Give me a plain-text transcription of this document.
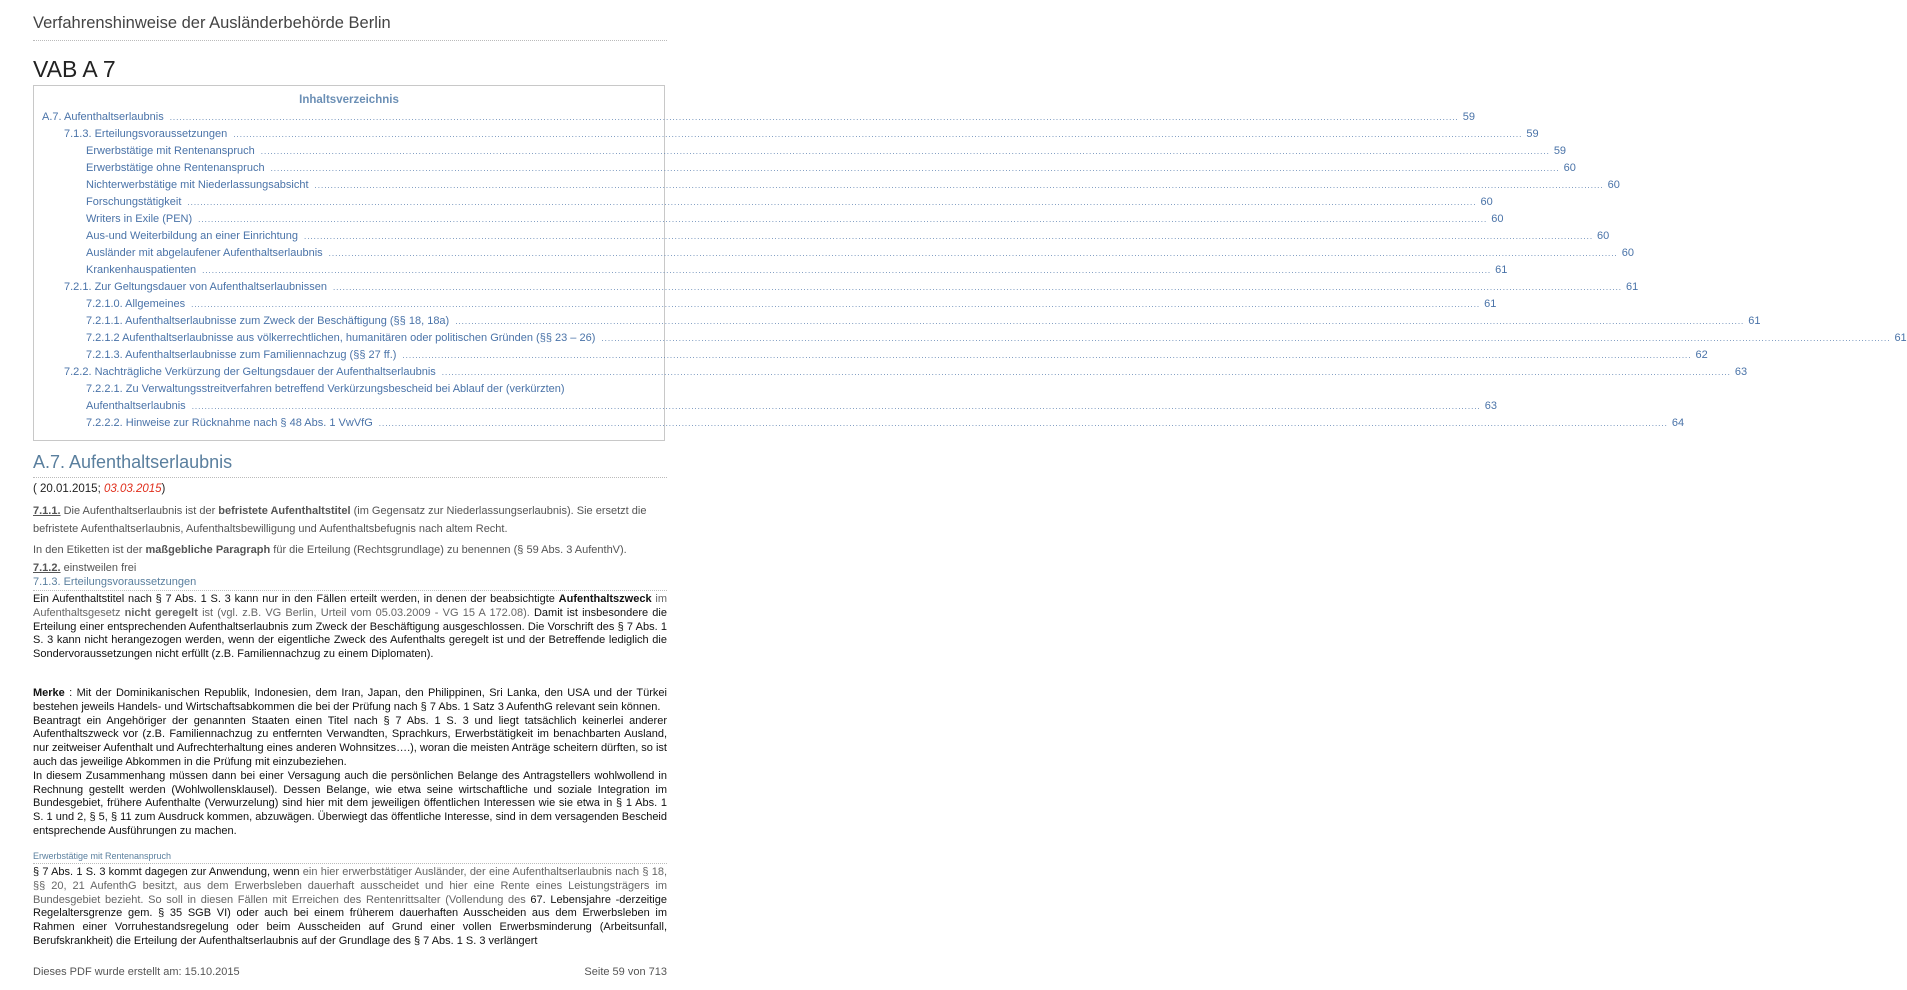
Verfahrenshinweise der Ausländerbehörde Berlin
VAB A 7
Inhaltsverzeichnis
A.7. Aufenthaltserlaubnis ................................................................................................................................................................................................................................................................................................................................................................................................................ 59
7.1.3. Erteilungsvoraussetzungen ................................................................................................................................................................................................................................................................................................................................................................................................................ 59
Erwerbstätige mit Rentenanspruch ................................................................................................................................................................................................................................................................................................................................................................................................................ 59
Erwerbstätige ohne Rentenanspruch ................................................................................................................................................................................................................................................................................................................................................................................................................ 60
Nichterwerbstätige mit Niederlassungsabsicht ................................................................................................................................................................................................................................................................................................................................................................................................................ 60
Forschungstätigkeit ................................................................................................................................................................................................................................................................................................................................................................................................................ 60
Writers in Exile (PEN) ................................................................................................................................................................................................................................................................................................................................................................................................................ 60
Aus-und Weiterbildung an einer Einrichtung ................................................................................................................................................................................................................................................................................................................................................................................................................ 60
Ausländer mit abgelaufener Aufenthaltserlaubnis ................................................................................................................................................................................................................................................................................................................................................................................................................ 60
Krankenhauspatienten ................................................................................................................................................................................................................................................................................................................................................................................................................ 61
7.2.1. Zur Geltungsdauer von Aufenthaltserlaubnissen ................................................................................................................................................................................................................................................................................................................................................................................................................ 61
7.2.1.0. Allgemeines ................................................................................................................................................................................................................................................................................................................................................................................................................ 61
7.2.1.1. Aufenthaltserlaubnisse zum Zweck der Beschäftigung (§§ 18, 18a) ................................................................................................................................................................................................................................................................................................................................................................................................................ 61
7.2.1.2 Aufenthaltserlaubnisse aus völkerrechtlichen, humanitären oder politischen Gründen (§§ 23 – 26) ................................................................................................................................................................................................................................................................................................................................................................................................................ 61
7.2.1.3. Aufenthaltserlaubnisse zum Familiennachzug (§§ 27 ff.) ................................................................................................................................................................................................................................................................................................................................................................................................................ 62
7.2.2. Nachträgliche Verkürzung der Geltungsdauer der Aufenthaltserlaubnis ................................................................................................................................................................................................................................................................................................................................................................................................................ 63
7.2.2.1. Zu Verwaltungsstreitverfahren betreffend Verkürzungsbescheid bei Ablauf der (verkürzten)
Aufenthaltserlaubnis ................................................................................................................................................................................................................................................................................................................................................................................................................ 63
7.2.2.2. Hinweise zur Rücknahme nach § 48 Abs. 1 VwVfG ................................................................................................................................................................................................................................................................................................................................................................................................................ 64
A.7. Aufenthaltserlaubnis
( 20.01.2015; 03.03.2015)
7.1.1. Die Aufenthaltserlaubnis ist der befristete Aufenthaltstitel (im Gegensatz zur Niederlassungserlaubnis). Sie ersetzt die befristete Aufenthaltserlaubnis, Aufenthaltsbewilligung und Aufenthaltsbefugnis nach altem Recht.
In den Etiketten ist der maßgebliche Paragraph für die Erteilung (Rechtsgrundlage) zu benennen (§ 59 Abs. 3 AufenthV).
7.1.2. einstweilen frei
7.1.3. Erteilungsvoraussetzungen
Ein Aufenthaltstitel nach § 7 Abs. 1 S. 3 kann nur in den Fällen erteilt werden, in denen der beabsichtigte Aufenthaltszweck im Aufenthaltsgesetz nicht geregelt ist (vgl. z.B. VG Berlin, Urteil vom 05.03.2009 - VG 15 A 172.08). Damit ist insbesondere die Erteilung einer entsprechenden Aufenthaltserlaubnis zum Zweck der Beschäftigung ausgeschlossen. Die Vorschrift des § 7 Abs. 1 S. 3 kann nicht herangezogen werden, wenn der eigentliche Zweck des Aufenthalts geregelt ist und der Betreffende lediglich die Sondervoraussetzungen nicht erfüllt (z.B. Familiennachzug zu einem Diplomaten).
Merke : Mit der Dominikanischen Republik, Indonesien, dem Iran, Japan, den Philippinen, Sri Lanka, den USA und der Türkei bestehen jeweils Handels- und Wirtschaftsabkommen die bei der Prüfung nach § 7 Abs. 1 Satz 3 AufenthG relevant sein können.
Beantragt ein Angehöriger der genannten Staaten einen Titel nach § 7 Abs. 1 S. 3 und liegt tatsächlich keinerlei anderer Aufenthaltszweck vor (z.B. Familiennachzug zu entfernten Verwandten, Sprachkurs, Erwerbstätigkeit im benachbarten Ausland, nur zeitweiser Aufenthalt und Aufrechterhaltung eines anderen Wohnsitzes….), woran die meisten Anträge scheitern dürften, so ist auch das jeweilige Abkommen in die Prüfung mit einzubeziehen.
In diesem Zusammenhang müssen dann bei einer Versagung auch die persönlichen Belange des Antragstellers wohlwollend in Rechnung gestellt werden (Wohlwollensklausel). Dessen Belange, wie etwa seine wirtschaftliche und soziale Integration im Bundesgebiet, frühere Aufenthalte (Verwurzelung) sind hier mit dem jeweiligen öffentlichen Interessen wie sie etwa in § 1 Abs. 1 S. 1 und 2, § 5, § 11 zum Ausdruck kommen, abzuwägen. Überwiegt das öffentliche Interesse, sind in dem versagenden Bescheid entsprechende Ausführungen zu machen.
Erwerbstätige mit Rentenanspruch
§ 7 Abs. 1 S. 3 kommt dagegen zur Anwendung, wenn ein hier erwerbstätiger Ausländer, der eine Aufenthaltserlaubnis nach § 18, §§ 20, 21 AufenthG besitzt, aus dem Erwerbsleben dauerhaft ausscheidet und hier eine Rente eines Leistungsträgers im Bundesgebiet bezieht. So soll in diesen Fällen mit Erreichen des Rentenrittsalter (Vollendung des 67. Lebensjahre -derzeitige Regelaltersgrenze gem. § 35 SGB VI) oder auch bei einem früherem dauerhaften Ausscheiden aus dem Erwerbsleben im Rahmen einer Vorruhestandsregelung oder beim Ausscheiden auf Grund einer vollen Erwerbsminderung (Arbeitsunfall, Berufskrankheit) die Erteilung der Aufenthaltserlaubnis auf der Grundlage des § 7 Abs. 1 S. 3 verlängert
Dieses PDF wurde erstellt am: 15.10.2015	Seite 59 von 713
